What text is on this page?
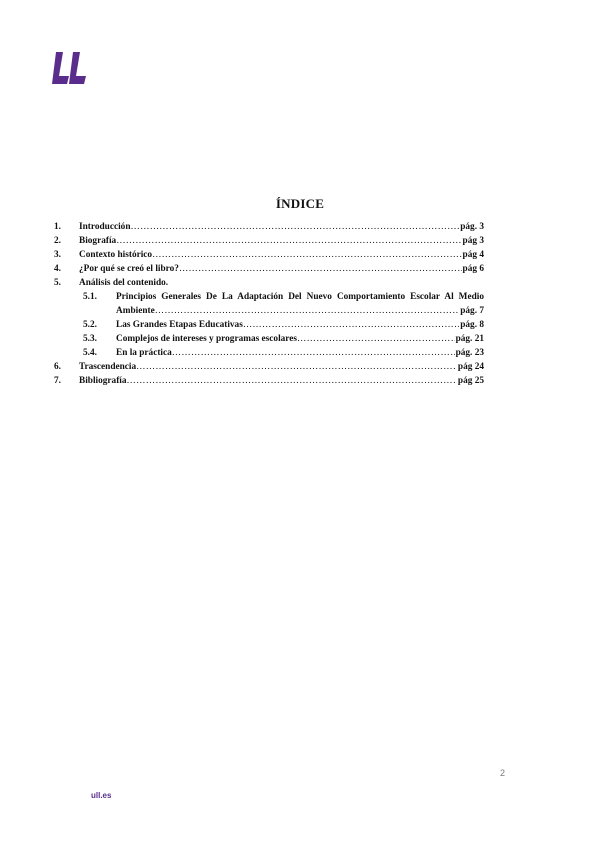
ÍNDICE
1.	Introducción ……………………………………………………………………………………………………………………………………………………	pág. 3
2.	Biografía ……………………………………………………………………………………………………………………………………………………	pág 3
3.	Contexto histórico ……………………………………………………………………………………………………………………………………………………	pág 4
4.	¿Por qué se creó el libro? ……………………………………………………………………………………………………………………………………………………	pág 6
5.	Análisis del contenido.
5.1.	Principios Generales De La Adaptación Del Nuevo Comportamiento Escolar Al Medio
Ambiente ……………………………………………………………………………………………………………………………………………………	pág. 7
5.2.	Las Grandes Etapas Educativas ……………………………………………………………………………………………………………………………………………………	pág. 8
5.3.	Complejos de intereses y programas escolares ……………………………………………………………………………………………………………………………………………………	pág. 21
5.4.	En la práctica ……………………………………………………………………………………………………………………………………………………	pág. 23
6.	Trascendencia ……………………………………………………………………………………………………………………………………………………	pág 24
7.	Bibliografía ……………………………………………………………………………………………………………………………………………………	pág 25
2
ull.es
